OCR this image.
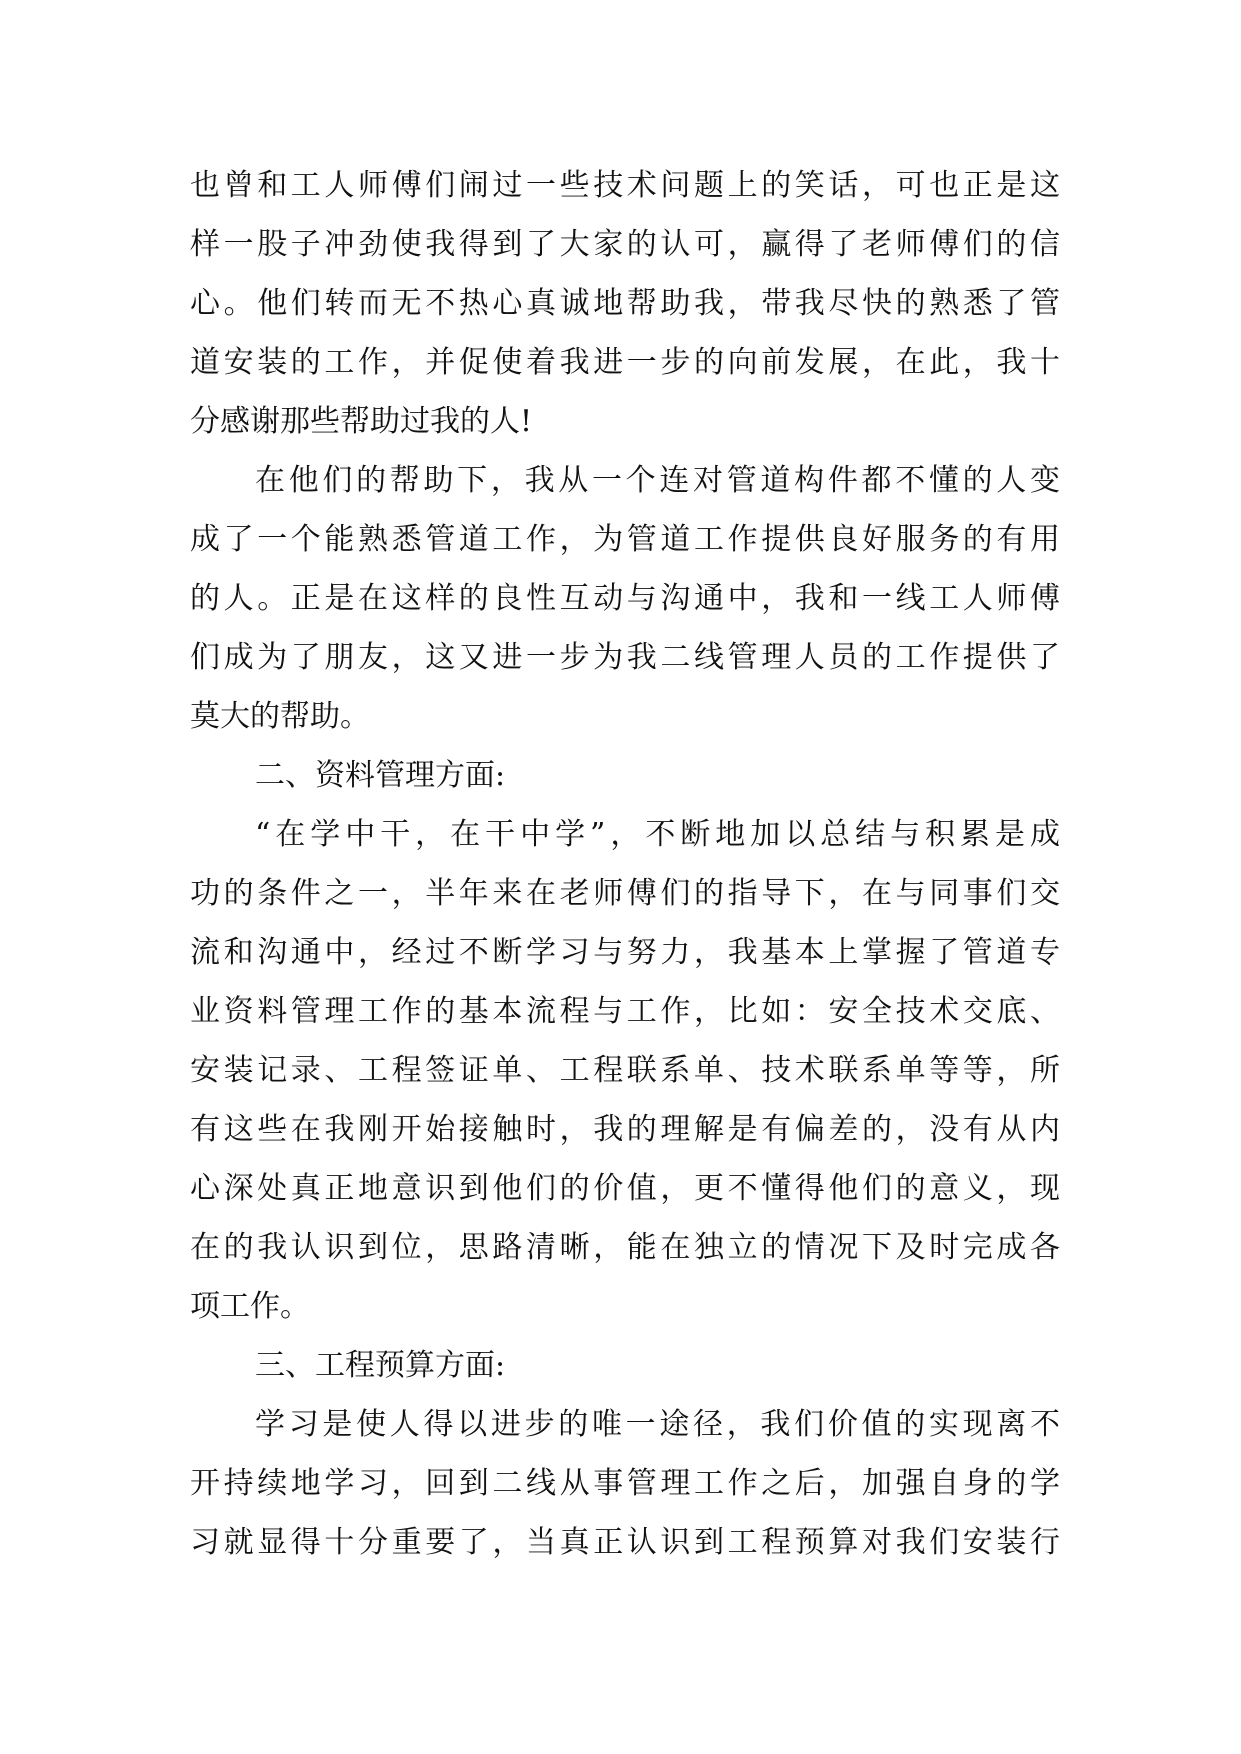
也曾和工人师傅们闹过一些技术问题上的笑话，可也正是这
样一股子冲劲使我得到了大家的认可，赢得了老师傅们的信
心。他们转而无不热心真诚地帮助我，带我尽快的熟悉了管
道安装的工作，并促使着我进一步的向前发展，在此，我十
分感谢那些帮助过我的人!
在他们的帮助下，我从一个连对管道构件都不懂的人变
成了一个能熟悉管道工作，为管道工作提供良好服务的有用
的人。正是在这样的良性互动与沟通中，我和一线工人师傅
们成为了朋友，这又进一步为我二线管理人员的工作提供了
莫大的帮助。
二、资料管理方面:
“在学中干，在干中学”，不断地加以总结与积累是成
功的条件之一，半年来在老师傅们的指导下，在与同事们交
流和沟通中，经过不断学习与努力，我基本上掌握了管道专
业资料管理工作的基本流程与工作，比如：安全技术交底、
安装记录、工程签证单、工程联系单、技术联系单等等，所
有这些在我刚开始接触时，我的理解是有偏差的，没有从内
心深处真正地意识到他们的价值，更不懂得他们的意义，现
在的我认识到位，思路清晰，能在独立的情况下及时完成各
项工作。
三、工程预算方面:
学习是使人得以进步的唯一途径，我们价值的实现离不
开持续地学习，回到二线从事管理工作之后，加强自身的学
习就显得十分重要了，当真正认识到工程预算对我们安装行
